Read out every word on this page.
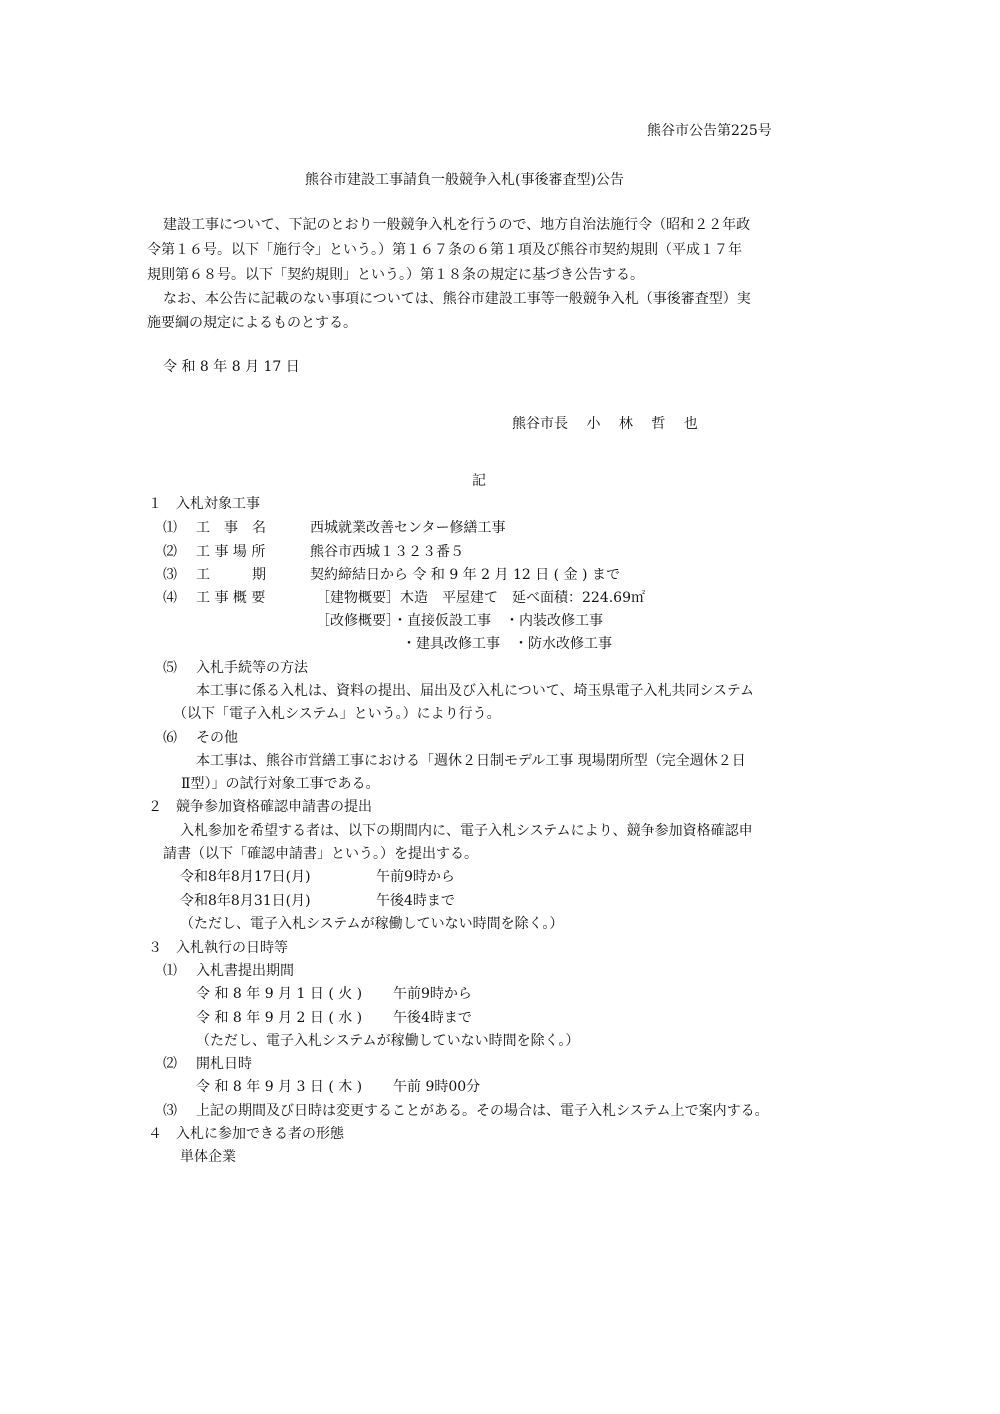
熊谷市公告第225号
熊谷市建設工事請負一般競争入札(事後審査型)公告
建設工事について、下記のとおり一般競争入札を行うので、地方自治法施行令（昭和２２年政
令第１６号。以下「施行令」という。）第１６７条の６第１項及び熊谷市契約規則（平成１７年
規則第６８号。以下「契約規則」という。）第１８条の規定に基づき公告する。
なお、本公告に記載のない事項については、熊谷市建設工事等一般競争入札（事後審査型）実
施要綱の規定によるものとする。
令 和 8 年 8 月 17 日
熊谷市長　 小　 林　 哲　 也
記
１　入札対象工事
⑴ 工　事　名	西城就業改善センター修繕工事
⑵ 工 事 場 所	熊谷市西城１３２３番５
⑶ 工　　　期	契約締結日から 令 和 9 年 2 月 12 日 ( 金 ) まで
⑷ 工 事 概 要	［建物概要］木造　平屋建て　延べ面積：224.69㎡
［改修概要］・直接仮設工事　・内装改修工事
・建具改修工事　・防水改修工事
⑸ 入札手続等の方法
本工事に係る入札は、資料の提出、届出及び入札について、埼玉県電子入札共同システム
（以下「電子入札システム」という。）により行う。
⑹ その他
本工事は、熊谷市営繕工事における「週休２日制モデル工事 現場閉所型（完全週休２日
Ⅱ型）」の試行対象工事である。
２　競争参加資格確認申請書の提出
入札参加を希望する者は、以下の期間内に、電子入札システムにより、競争参加資格確認申
請書（以下「確認申請書」という。）を提出する。
令和8年8月17日(月)	午前9時から
令和8年8月31日(月)	午後4時まで
（ただし、電子入札システムが稼働していない時間を除く。）
３　入札執行の日時等
⑴ 入札書提出期間
令 和 8 年 9 月 1 日 ( 火 ) 午前9時から
令 和 8 年 9 月 2 日 ( 水 ) 午後4時まで
（ただし、電子入札システムが稼働していない時間を除く。）
⑵ 開札日時
令 和 8 年 9 月 3 日 ( 木 ) 午前 9時00分
⑶ 上記の期間及び日時は変更することがある。その場合は、電子入札システム上で案内する。
４　入札に参加できる者の形態
単体企業
